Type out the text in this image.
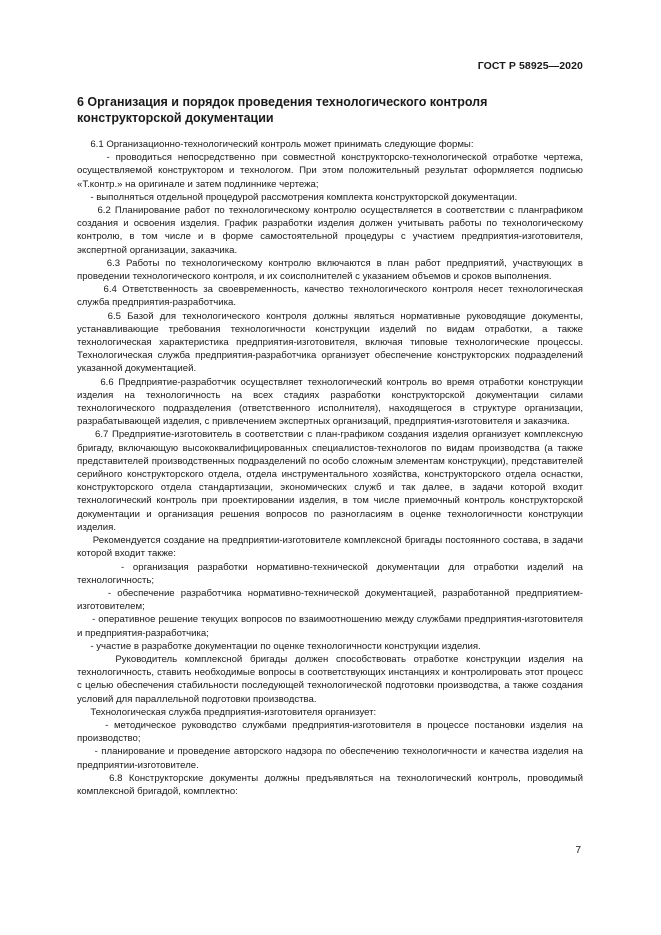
ГОСТ Р 58925—2020
6 Организация и порядок проведения технологического контроля конструкторской документации

6.1 Организационно-технологический контроль может принимать следующие формы:

- проводиться непосредственно при совместной конструкторско-технологической отработке чертежа, осуществляемой конструктором и технологом. При этом положительный результат оформляется подписью «Т.контр.» на оригинале и затем подлиннике чертежа;

- выполняться отдельной процедурой рассмотрения комплекта конструкторской документации.

6.2 Планирование работ по технологическому контролю осуществляется в соответствии с планграфиком создания и освоения изделия. График разработки изделия должен учитывать работы по технологическому контролю, в том числе и в форме самостоятельной процедуры с участием предприятия-изготовителя, экспертной организации, заказчика.

6.3 Работы по технологическому контролю включаются в план работ предприятий, участвующих в проведении технологического контроля, и их соисполнителей с указанием объемов и сроков выполнения.

6.4 Ответственность за своевременность, качество технологического контроля несет технологическая служба предприятия-разработчика.

6.5 Базой для технологического контроля должны являться нормативные руководящие документы, устанавливающие требования технологичности конструкции изделий по видам отработки, а также технологическая характеристика предприятия-изготовителя, включая типовые технологические процессы. Технологическая служба предприятия-разработчика организует обеспечение конструкторских подразделений указанной документацией.

6.6 Предприятие-разработчик осуществляет технологический контроль во время отработки конструкции изделия на технологичность на всех стадиях разработки конструкторской документации силами технологического подразделения (ответственного исполнителя), находящегося в структуре организации, разрабатывающей изделия, с привлечением экспертных организаций, предприятия-изготовителя и заказчика.

6.7 Предприятие-изготовитель в соответствии с план-графиком создания изделия организует комплексную бригаду, включающую высококвалифицированных специалистов-технологов по видам производства (а также представителей производственных подразделений по особо сложным элементам конструкции), представителей серийного конструкторского отдела, отдела инструментального хозяйства, конструкторского отдела оснастки, конструкторского отдела стандартизации, экономических служб и так далее, в задачи которой входит технологический контроль при проектировании изделия, в том числе приемочный контроль конструкторской документации и организация решения вопросов по разногласиям в оценке технологичности конструкции изделия.

Рекомендуется создание на предприятии-изготовителе комплексной бригады постоянного состава, в задачи которой входит также:

- организация разработки нормативно-технической документации для отработки изделий на технологичность;

- обеспечение разработчика нормативно-технической документацией, разработанной предприятием-изготовителем;

- оперативное решение текущих вопросов по взаимоотношению между службами предприятия-изготовителя и предприятия-разработчика;

- участие в разработке документации по оценке технологичности конструкции изделия.

Руководитель комплексной бригады должен способствовать отработке конструкции изделия на технологичность, ставить необходимые вопросы в соответствующих инстанциях и контролировать этот процесс с целью обеспечения стабильности последующей технологической подготовки производства, а также создания условий для параллельной подготовки производства.

Технологическая служба предприятия-изготовителя организует:

- методическое руководство службами предприятия-изготовителя в процессе постановки изделия на производство;

- планирование и проведение авторского надзора по обеспечению технологичности и качества изделия на предприятии-изготовителе.

6.8 Конструкторские документы должны предъявляться на технологический контроль, проводимый комплексной бригадой, комплектно:

7
